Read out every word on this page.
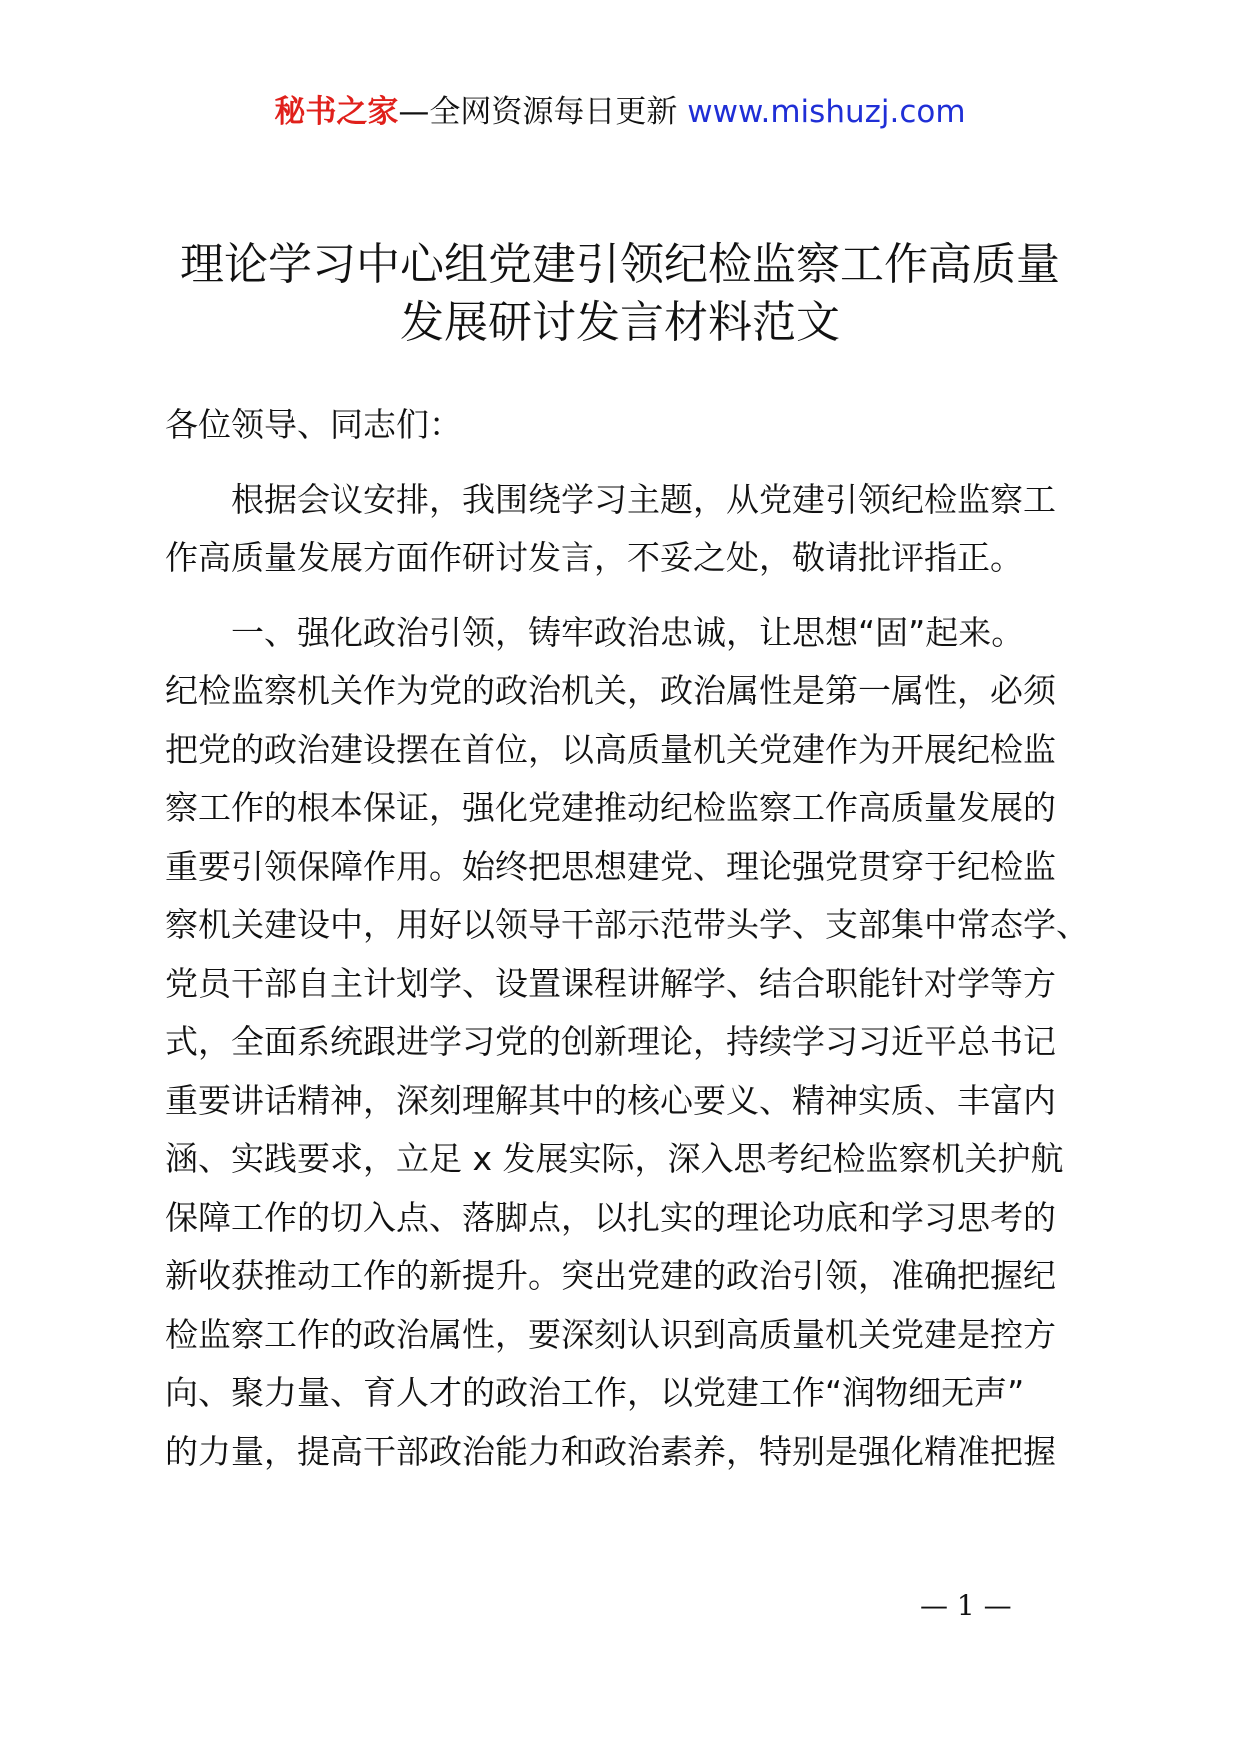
秘书之家—全网资源每日更新 www.mishuzj.com
理论学习中心组党建引领纪检监察工作高质量
发展研讨发言材料范文

各位领导、同志们：

根据会议安排，我围绕学习主题，从党建引领纪检监察工
作高质量发展方面作研讨发言，不妥之处，敬请批评指正。

一、强化政治引领，铸牢政治忠诚，让思想“固”起来。
纪检监察机关作为党的政治机关，政治属性是第一属性，必须
把党的政治建设摆在首位，以高质量机关党建作为开展纪检监
察工作的根本保证，强化党建推动纪检监察工作高质量发展的
重要引领保障作用。始终把思想建党、理论强党贯穿于纪检监
察机关建设中，用好以领导干部示范带头学、支部集中常态学、
党员干部自主计划学、设置课程讲解学、结合职能针对学等方
式，全面系统跟进学习党的创新理论，持续学习习近平总书记
重要讲话精神，深刻理解其中的核心要义、精神实质、丰富内
涵、实践要求，立足 x 发展实际，深入思考纪检监察机关护航
保障工作的切入点、落脚点，以扎实的理论功底和学习思考的
新收获推动工作的新提升。突出党建的政治引领，准确把握纪
检监察工作的政治属性，要深刻认识到高质量机关党建是控方
向、聚力量、育人才的政治工作，以党建工作“润物细无声”
的力量，提高干部政治能力和政治素养，特别是强化精准把握

— 1 —
